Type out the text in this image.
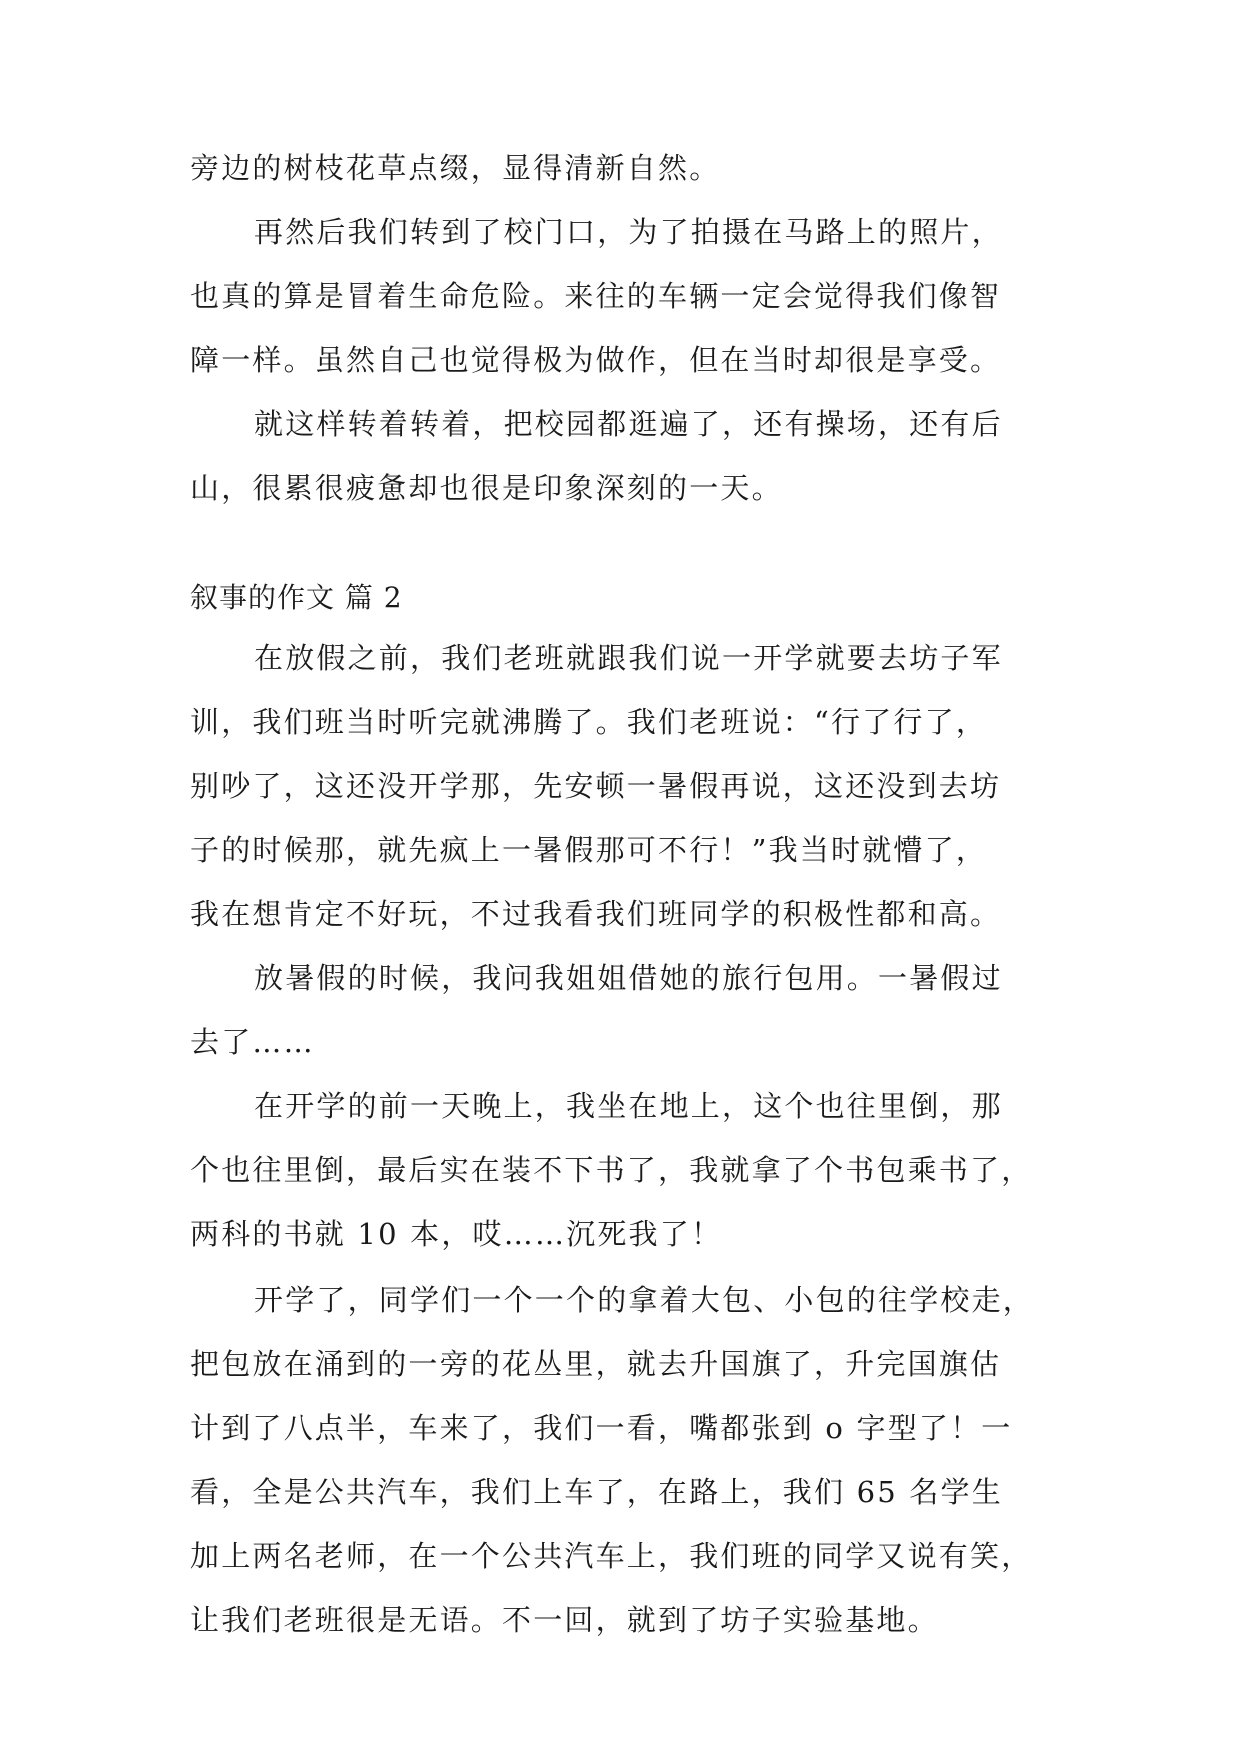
旁边的树枝花草点缀，显得清新自然。
再然后我们转到了校门口，为了拍摄在马路上的照片，
也真的算是冒着生命危险。来往的车辆一定会觉得我们像智
障一样。虽然自己也觉得极为做作，但在当时却很是享受。
就这样转着转着，把校园都逛遍了，还有操场，还有后
山，很累很疲惫却也很是印象深刻的一天。
叙事的作文 篇 2
在放假之前，我们老班就跟我们说一开学就要去坊子军
训，我们班当时听完就沸腾了。我们老班说：“行了行了，
别吵了，这还没开学那，先安顿一暑假再说，这还没到去坊
子的时候那，就先疯上一暑假那可不行！”我当时就懵了，
我在想肯定不好玩，不过我看我们班同学的积极性都和高。
放暑假的时候，我问我姐姐借她的旅行包用。一暑假过
去了……
在开学的前一天晚上，我坐在地上，这个也往里倒，那
个也往里倒，最后实在装不下书了，我就拿了个书包乘书了，
两科的书就 10 本，哎……沉死我了！
开学了，同学们一个一个的拿着大包、小包的往学校走，
把包放在涌到的一旁的花丛里，就去升国旗了，升完国旗估
计到了八点半，车来了，我们一看，嘴都张到 o 字型了！一
看，全是公共汽车，我们上车了，在路上，我们 65 名学生
加上两名老师，在一个公共汽车上，我们班的同学又说有笑，
让我们老班很是无语。不一回，就到了坊子实验基地。
